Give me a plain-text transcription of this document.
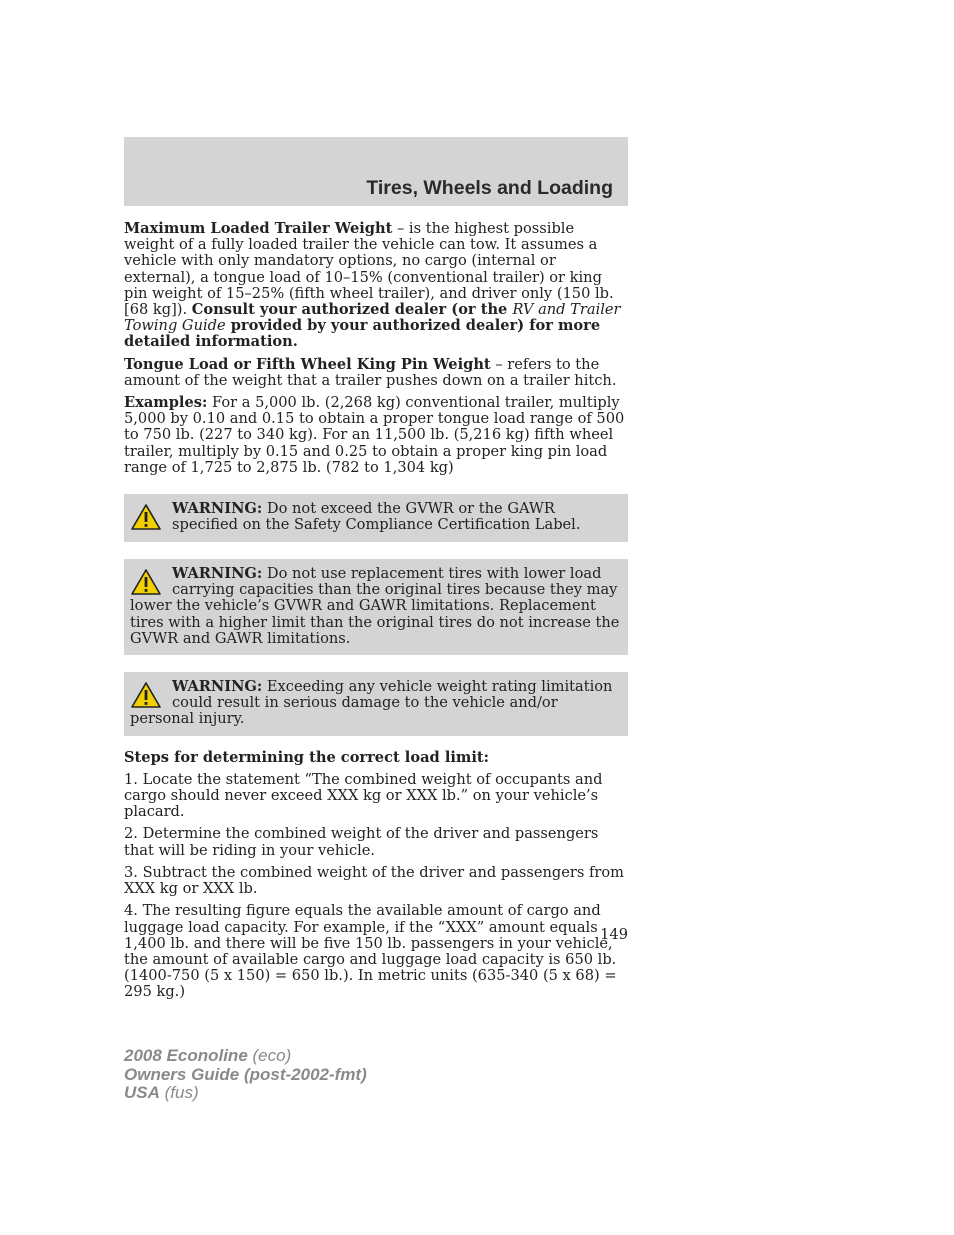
Tires, Wheels and Loading

Maximum Loaded Trailer Weight – is the highest possible weight of a fully loaded trailer the vehicle can tow. It assumes a vehicle with only mandatory options, no cargo (internal or external), a tongue load of 10–15% (conventional trailer) or king pin weight of 15–25% (fifth wheel trailer), and driver only (150 lb. [68 kg]). Consult your authorized dealer (or the RV and Trailer Towing Guide provided by your authorized dealer) for more detailed information.

Tongue Load or Fifth Wheel King Pin Weight – refers to the amount of the weight that a trailer pushes down on a trailer hitch.

Examples: For a 5,000 lb. (2,268 kg) conventional trailer, multiply 5,000 by 0.10 and 0.15 to obtain a proper tongue load range of 500 to 750 lb. (227 to 340 kg). For an 11,500 lb. (5,216 kg) fifth wheel trailer, multiply by 0.15 and 0.25 to obtain a proper king pin load range of 1,725 to 2,875 lb. (782 to 1,304 kg)

WARNING: Do not exceed the GVWR or the GAWR specified on the Safety Compliance Certification Label.
WARNING: Do not use replacement tires with lower load carrying capacities than the original tires because they may lower the vehicle’s GVWR and GAWR limitations. Replacement tires with a higher limit than the original tires do not increase the GVWR and GAWR limitations.
WARNING: Exceeding any vehicle weight rating limitation could result in serious damage to the vehicle and/or personal injury.

Steps for determining the correct load limit:

1. Locate the statement “The combined weight of occupants and cargo should never exceed XXX kg or XXX lb.” on your vehicle’s placard.

2. Determine the combined weight of the driver and passengers that will be riding in your vehicle.

3. Subtract the combined weight of the driver and passengers from XXX kg or XXX lb.

4. The resulting figure equals the available amount of cargo and luggage load capacity. For example, if the “XXX” amount equals 1,400 lb. and there will be five 150 lb. passengers in your vehicle, the amount of available cargo and luggage load capacity is 650 lb. (1400-750 (5 x 150) = 650 lb.). In metric units (635-340 (5 x 68) = 295 kg.)

149
2008 Econoline (eco)
Owners Guide (post-2002-fmt)
USA (fus)
